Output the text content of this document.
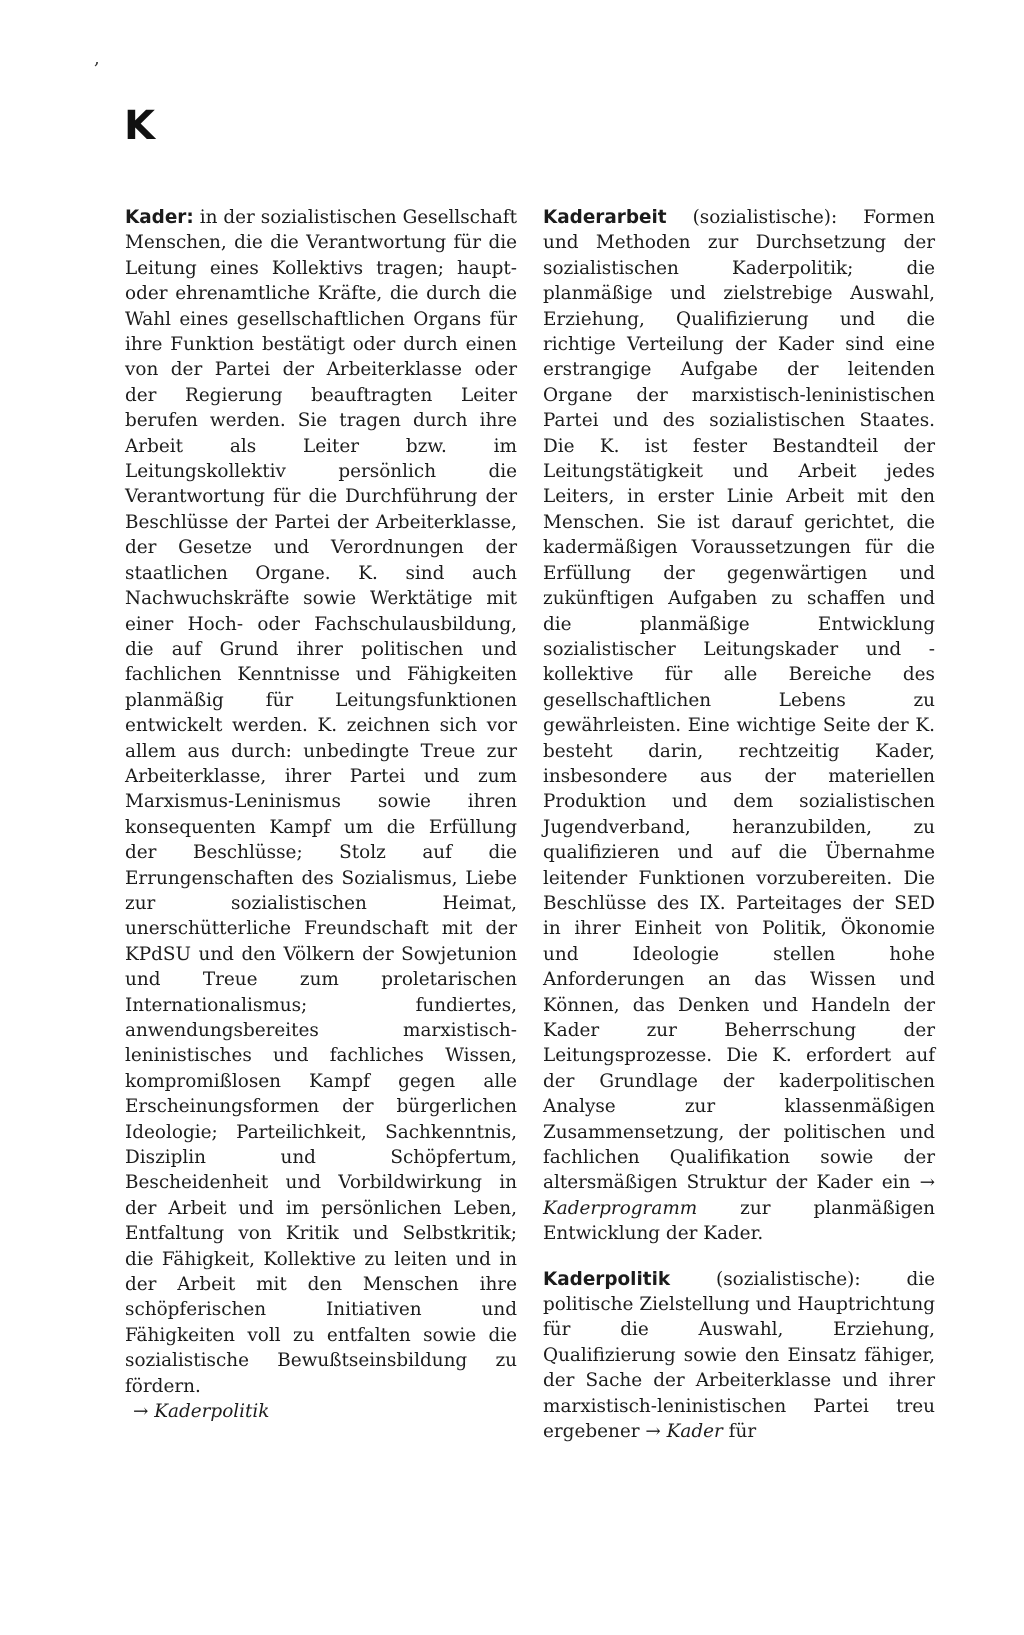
,
K

Kader: in der sozialistischen Gesellschaft Menschen, die die Verantwortung für die Leitung eines Kollektivs tragen; haupt- oder ehrenamtliche Kräfte, die durch die Wahl eines gesellschaftlichen Organs für ihre Funktion bestätigt oder durch einen von der Partei der Arbeiterklasse oder der Regierung beauftragten Leiter berufen werden. Sie tragen durch ihre Arbeit als Leiter bzw. im Leitungskollektiv persönlich die Verantwortung für die Durchführung der Beschlüsse der Partei der Arbeiterklasse, der Gesetze und Verordnungen der staatlichen Organe. K. sind auch Nachwuchskräfte sowie Werktätige mit einer Hoch- oder Fachschulausbildung, die auf Grund ihrer politischen und fachlichen Kenntnisse und Fähigkeiten planmäßig für Leitungsfunktionen entwickelt werden. K. zeichnen sich vor allem aus durch: unbedingte Treue zur Arbeiterklasse, ihrer Partei und zum Marxismus-Leninismus sowie ihren konsequenten Kampf um die Erfüllung der Beschlüsse; Stolz auf die Errungenschaften des Sozialismus, Liebe zur sozialistischen Heimat, unerschütterliche Freundschaft mit der KPdSU und den Völkern der Sowjetunion und Treue zum proletarischen Internationalismus; fundiertes, anwendungsbereites marxistisch-leninistisches und fachliches Wissen, kompromißlosen Kampf gegen alle Erscheinungsformen der bürgerlichen Ideologie; Parteilichkeit, Sachkenntnis, Disziplin und Schöpfertum, Bescheidenheit und Vorbildwirkung in der Arbeit und im persönlichen Leben, Entfaltung von Kritik und Selbstkritik; die Fähigkeit, Kollektive zu leiten und in der Arbeit mit den Menschen ihre schöpferischen Initiativen und Fähigkeiten voll zu entfalten sowie die sozialistische Bewußtseinsbildung zu fördern.
→ Kaderpolitik

Kaderarbeit (sozialistische): Formen und Methoden zur Durchsetzung der sozialistischen Kaderpolitik; die planmäßige und zielstrebige Auswahl, Erziehung, Qualifizierung und die richtige Verteilung der Kader sind eine erstrangige Aufgabe der leitenden Organe der marxistisch-leninistischen Partei und des sozialistischen Staates. Die K. ist fester Bestandteil der Leitungstätigkeit und Arbeit jedes Leiters, in erster Linie Arbeit mit den Menschen. Sie ist darauf gerichtet, die kadermäßigen Voraussetzungen für die Erfüllung der gegenwärtigen und zukünftigen Aufgaben zu schaffen und die planmäßige Entwicklung sozialistischer Leitungskader und -kollektive für alle Bereiche des gesellschaftlichen Lebens zu gewährleisten. Eine wichtige Seite der K. besteht darin, rechtzeitig Kader, insbesondere aus der materiellen Produktion und dem sozialistischen Jugendverband, heranzubilden, zu qualifizieren und auf die Übernahme leitender Funktionen vorzubereiten. Die Beschlüsse des IX. Parteitages der SED in ihrer Einheit von Politik, Ökonomie und Ideologie stellen hohe Anforderungen an das Wissen und Können, das Denken und Handeln der Kader zur Beherrschung der Leitungsprozesse. Die K. erfordert auf der Grundlage der kaderpolitischen Analyse zur klassenmäßigen Zusammensetzung, der politischen und fachlichen Qualifikation sowie der altersmäßigen Struktur der Kader ein → Kaderprogramm zur planmäßigen Entwicklung der Kader.

Kaderpolitik (sozialistische): die politische Zielstellung und Hauptrichtung für die Auswahl, Erziehung, Qualifizierung sowie den Einsatz fähiger, der Sache der Arbeiterklasse und ihrer marxistisch-leninistischen Partei treu ergebener → Kader für
